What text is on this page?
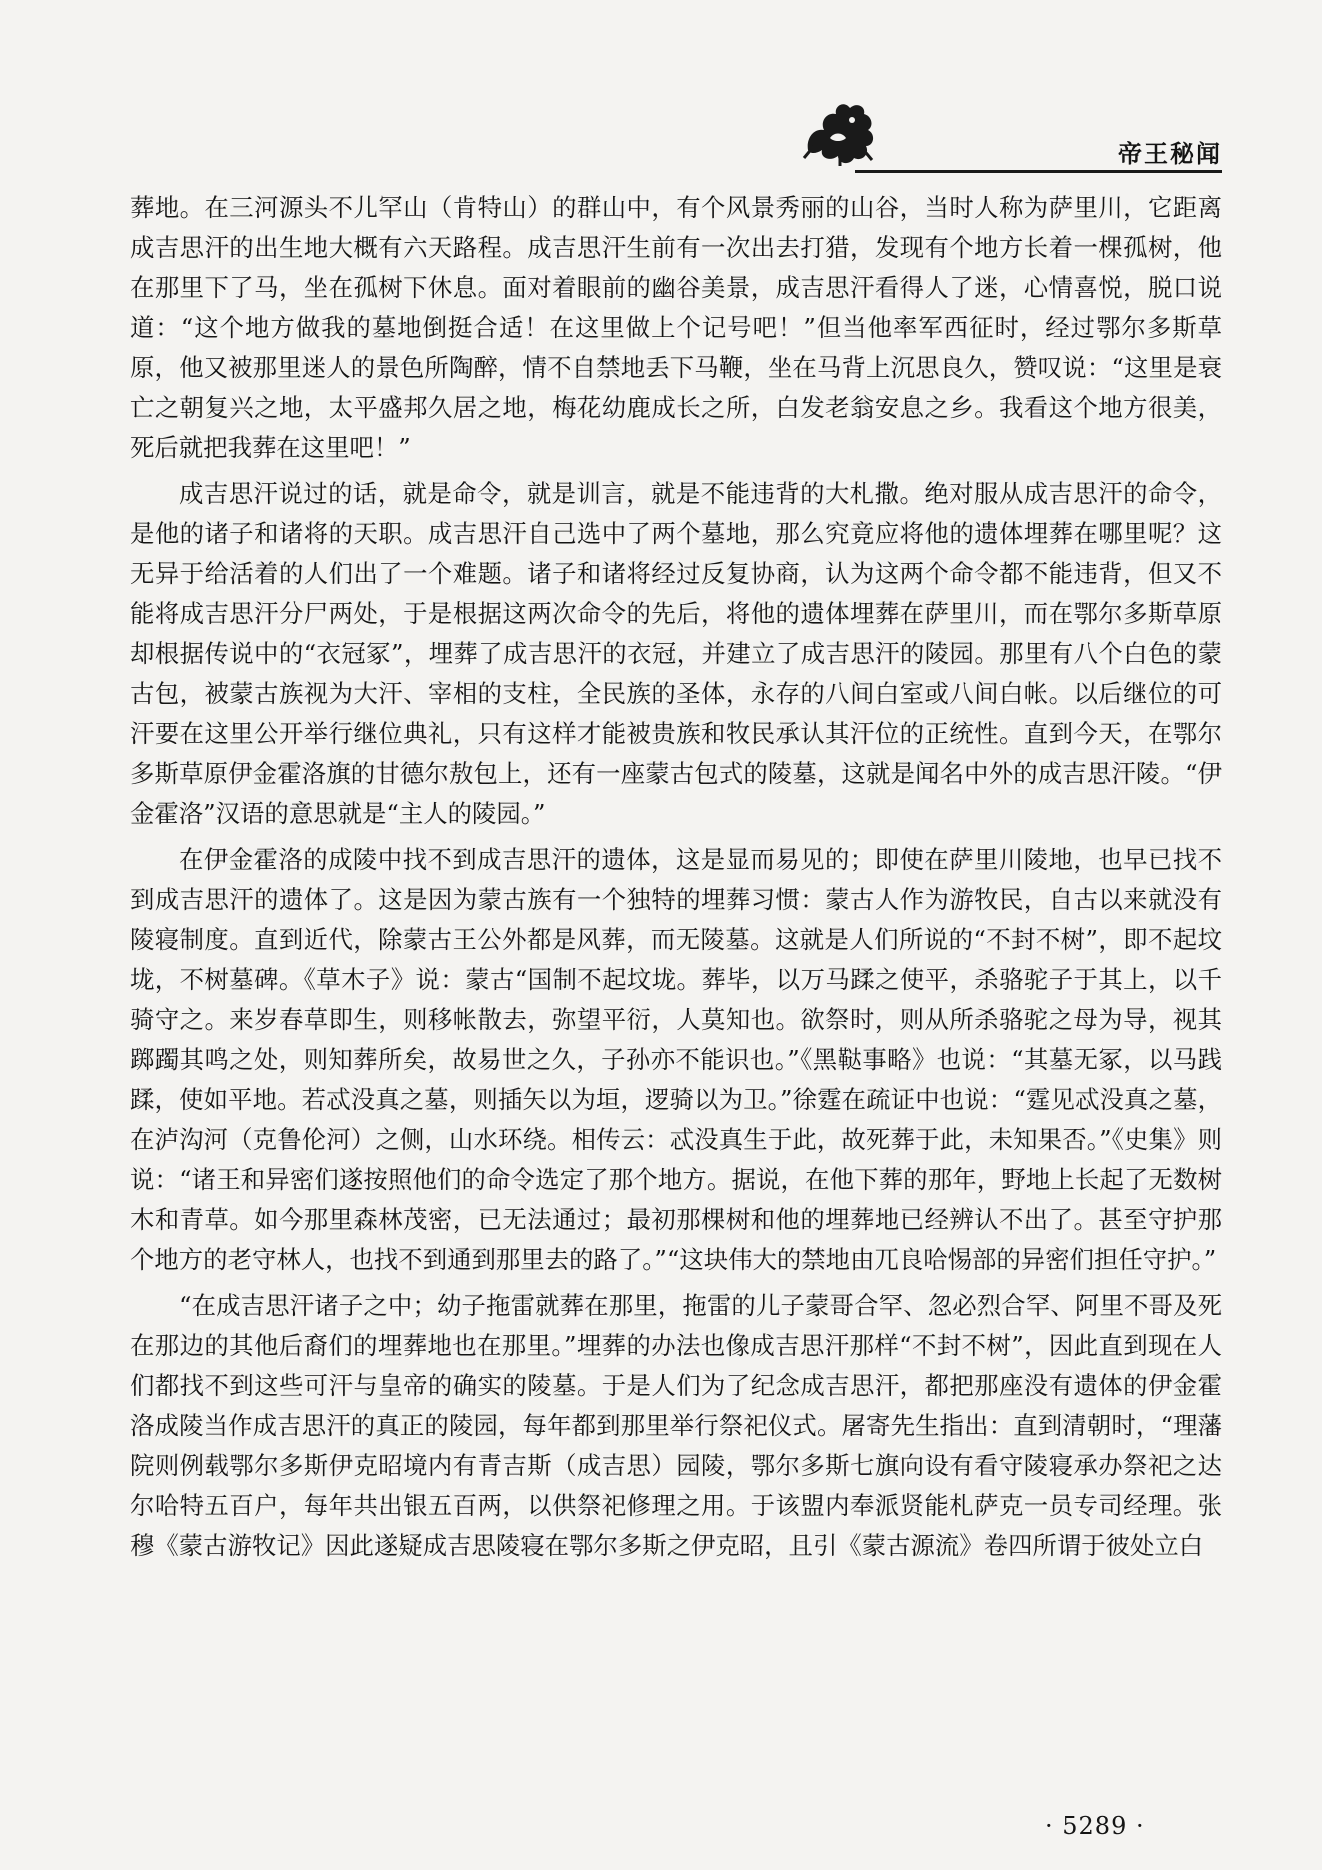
帝王秘闻

葬地。在三河源头不儿罕山（肯特山）的群山中，有个风景秀丽的山谷，当时人称为萨里川，它距离成吉思汗的出生地大概有六天路程。成吉思汗生前有一次出去打猎，发现有个地方长着一棵孤树，他在那里下了马，坐在孤树下休息。面对着眼前的幽谷美景，成吉思汗看得人了迷，心情喜悦，脱口说道：“这个地方做我的墓地倒挺合适！在这里做上个记号吧！”但当他率军西征时，经过鄂尔多斯草原，他又被那里迷人的景色所陶醉，情不自禁地丢下马鞭，坐在马背上沉思良久，赞叹说：“这里是衰亡之朝复兴之地，太平盛邦久居之地，梅花幼鹿成长之所，白发老翁安息之乡。我看这个地方很美，死后就把我葬在这里吧！”

成吉思汗说过的话，就是命令，就是训言，就是不能违背的大札撒。绝对服从成吉思汗的命令，是他的诸子和诸将的天职。成吉思汗自己选中了两个墓地，那么究竟应将他的遗体埋葬在哪里呢？这无异于给活着的人们出了一个难题。诸子和诸将经过反复协商，认为这两个命令都不能违背，但又不能将成吉思汗分尸两处，于是根据这两次命令的先后，将他的遗体埋葬在萨里川，而在鄂尔多斯草原却根据传说中的“衣冠冢”，埋葬了成吉思汗的衣冠，并建立了成吉思汗的陵园。那里有八个白色的蒙古包，被蒙古族视为大汗、宰相的支柱，全民族的圣体，永存的八间白室或八间白帐。以后继位的可汗要在这里公开举行继位典礼，只有这样才能被贵族和牧民承认其汗位的正统性。直到今天，在鄂尔多斯草原伊金霍洛旗的甘德尔敖包上，还有一座蒙古包式的陵墓，这就是闻名中外的成吉思汗陵。“伊金霍洛”汉语的意思就是“主人的陵园。”

在伊金霍洛的成陵中找不到成吉思汗的遗体，这是显而易见的；即使在萨里川陵地，也早已找不到成吉思汗的遗体了。这是因为蒙古族有一个独特的埋葬习惯：蒙古人作为游牧民，自古以来就没有陵寝制度。直到近代，除蒙古王公外都是风葬，而无陵墓。这就是人们所说的“不封不树”，即不起坟垅，不树墓碑。《草木子》说：蒙古“国制不起坟垅。葬毕，以万马蹂之使平，杀骆驼子于其上，以千骑守之。来岁春草即生，则移帐散去，弥望平衍，人莫知也。欲祭时，则从所杀骆驼之母为导，视其踯躅其鸣之处，则知葬所矣，故易世之久，子孙亦不能识也。”《黑鞑事略》也说：“其墓无冢，以马践蹂，使如平地。若忒没真之墓，则插矢以为垣，逻骑以为卫。”徐霆在疏证中也说：“霆见忒没真之墓，在泸沟河（克鲁伦河）之侧，山水环绕。相传云：忒没真生于此，故死葬于此，未知果否。”《史集》则说：“诸王和异密们遂按照他们的命令选定了那个地方。据说，在他下葬的那年，野地上长起了无数树木和青草。如今那里森林茂密，已无法通过；最初那棵树和他的埋葬地已经辨认不出了。甚至守护那个地方的老守林人，也找不到通到那里去的路了。”“这块伟大的禁地由兀良哈惕部的异密们担任守护。”

“在成吉思汗诸子之中；幼子拖雷就葬在那里，拖雷的儿子蒙哥合罕、忽必烈合罕、阿里不哥及死在那边的其他后裔们的埋葬地也在那里。”埋葬的办法也像成吉思汗那样“不封不树”，因此直到现在人们都找不到这些可汗与皇帝的确实的陵墓。于是人们为了纪念成吉思汗，都把那座没有遗体的伊金霍洛成陵当作成吉思汗的真正的陵园，每年都到那里举行祭祀仪式。屠寄先生指出：直到清朝时，“理藩院则例载鄂尔多斯伊克昭境内有青吉斯（成吉思）园陵，鄂尔多斯七旗向设有看守陵寝承办祭祀之达尔哈特五百户，每年共出银五百两，以供祭祀修理之用。于该盟内奉派贤能札萨克一员专司经理。张穆《蒙古游牧记》因此遂疑成吉思陵寝在鄂尔多斯之伊克昭，且引《蒙古源流》卷四所谓于彼处立白

· 5289 ·
